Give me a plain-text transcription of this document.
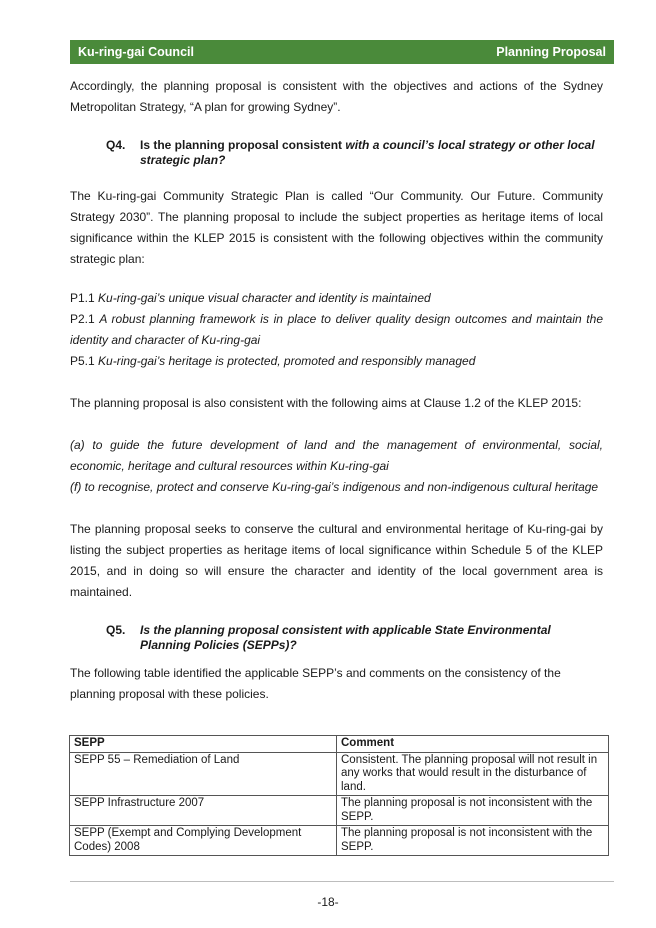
Ku-ring-gai Council	Planning Proposal

Accordingly, the planning proposal is consistent with the objectives and actions of the Sydney Metropolitan Strategy, “A plan for growing Sydney”.

Q4.	Is the planning proposal consistent with a council’s local strategy or other local strategic plan?

The Ku-ring-gai Community Strategic Plan is called “Our Community. Our Future. Community Strategy 2030”. The planning proposal to include the subject properties as heritage items of local significance within the KLEP 2015 is consistent with the following objectives within the community strategic plan:

P1.1 Ku-ring-gai’s unique visual character and identity is maintained

P2.1 A robust planning framework is in place to deliver quality design outcomes and maintain the identity and character of Ku-ring-gai

P5.1 Ku-ring-gai’s heritage is protected, promoted and responsibly managed

The planning proposal is also consistent with the following aims at Clause 1.2 of the KLEP 2015:

(a) to guide the future development of land and the management of environmental, social, economic, heritage and cultural resources within Ku-ring-gai

(f) to recognise, protect and conserve Ku-ring-gai’s indigenous and non-indigenous cultural heritage

The planning proposal seeks to conserve the cultural and environmental heritage of Ku-ring-gai by listing the subject properties as heritage items of local significance within Schedule 5 of the KLEP 2015, and in doing so will ensure the character and identity of the local government area is maintained.

Q5.	Is the planning proposal consistent with applicable State Environmental Planning Policies (SEPPs)?

The following table identified the applicable SEPP’s and comments on the consistency of the planning proposal with these policies.

SEPP	Comment
SEPP 55 – Remediation of Land	Consistent. The planning proposal will not result in any works that would result in the disturbance of land.
SEPP Infrastructure 2007	The planning proposal is not inconsistent with the SEPP.
SEPP (Exempt and Complying Development Codes) 2008	The planning proposal is not inconsistent with the SEPP.
-18-
